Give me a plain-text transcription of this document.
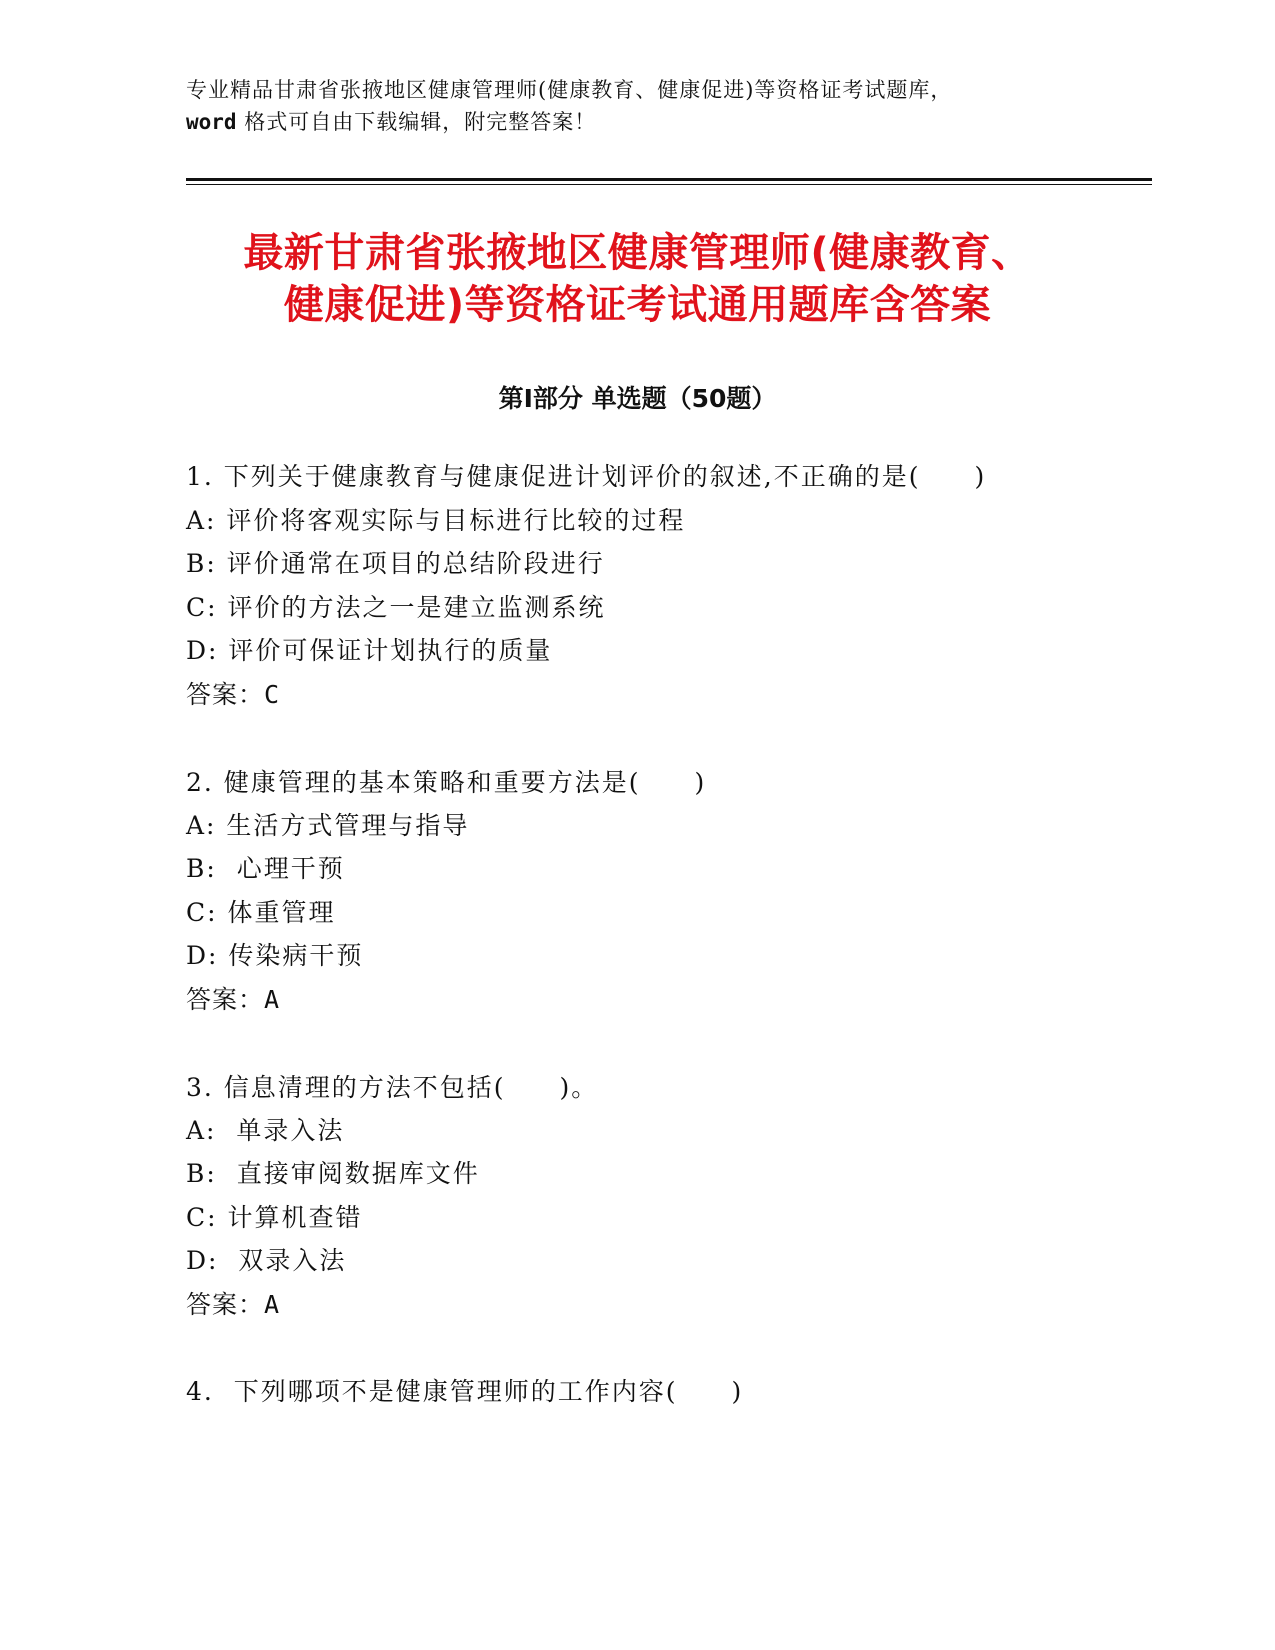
专业精品甘肃省张掖地区健康管理师(健康教育、健康促进)等资格证考试题库，
word 格式可自由下载编辑，附完整答案！
最新甘肃省张掖地区健康管理师(健康教育、
健康促进)等资格证考试通用题库含答案
第Ⅰ部分 单选题（50题）
1. 下列关于健康教育与健康促进计划评价的叙述,不正确的是(　　)
A: 评价将客观实际与目标进行比较的过程
B: 评价通常在项目的总结阶段进行
C: 评价的方法之一是建立监测系统
D: 评价可保证计划执行的质量
答案：C
2. 健康管理的基本策略和重要方法是(　　)
A: 生活方式管理与指导
B:  心理干预
C: 体重管理
D: 传染病干预
答案：A
3. 信息清理的方法不包括(　　)。
A:  单录入法
B:  直接审阅数据库文件
C: 计算机查错
D:  双录入法
答案：A
4.  下列哪项不是健康管理师的工作内容(　　)
